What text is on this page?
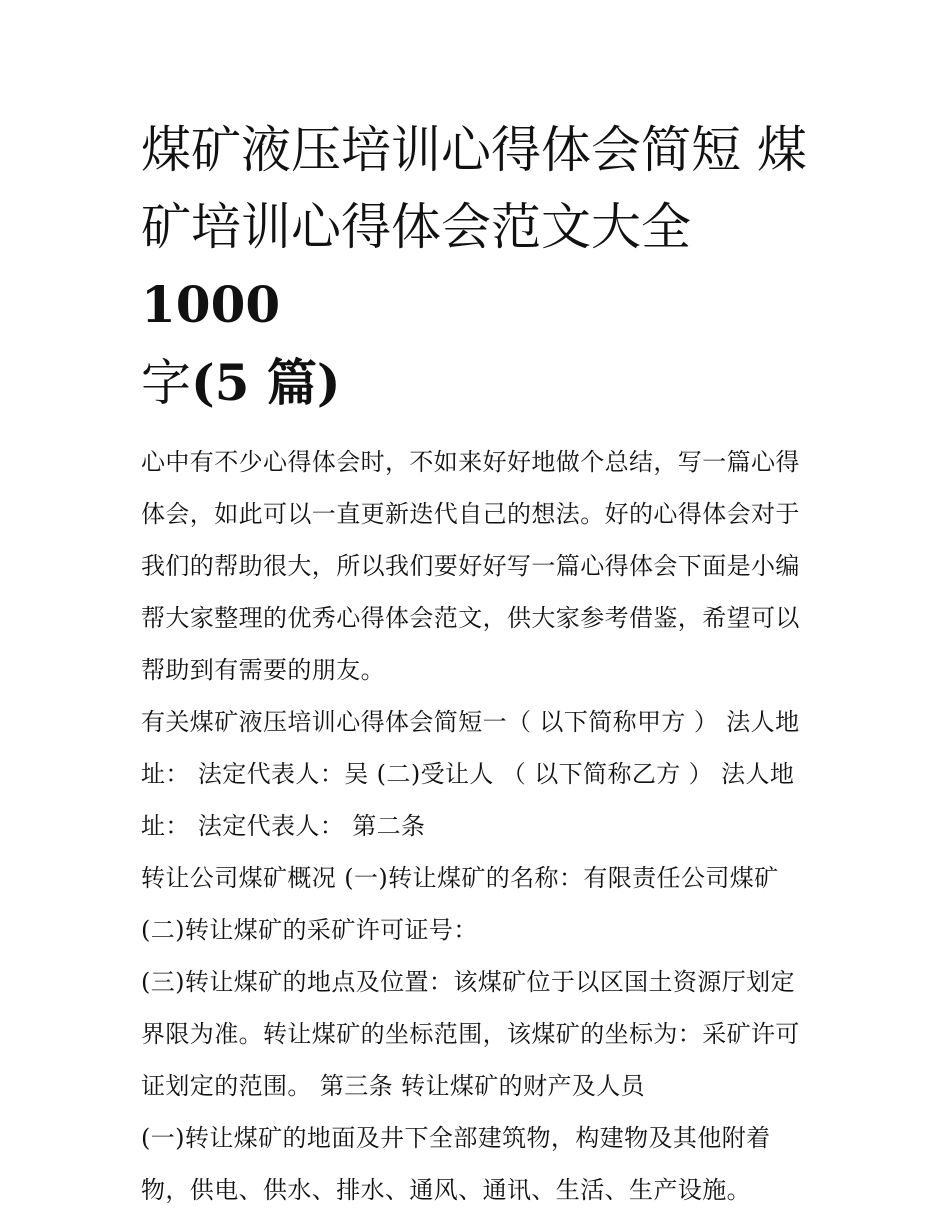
煤矿液压培训心得体会简短 煤矿培训心得体会范文大全1000
字(5 篇)

心中有不少心得体会时，不如来好好地做个总结，写一篇心得体会，如此可以一直更新迭代自己的想法。好的心得体会对于我们的帮助很大，所以我们要好好写一篇心得体会下面是小编帮大家整理的优秀心得体会范文，供大家参考借鉴，希望可以帮助到有需要的朋友。

有关煤矿液压培训心得体会简短一（ 以下简称甲方 ） 法人地址： 法定代表人：吴 (二)受让人 （ 以下简称乙方 ） 法人地址： 法定代表人： 第二条

转让公司煤矿概况 (一)转让煤矿的名称：有限责任公司煤矿

(二)转让煤矿的采矿许可证号：

(三)转让煤矿的地点及位置：该煤矿位于以区国土资源厅划定界限为准。转让煤矿的坐标范围，该煤矿的坐标为：采矿许可证划定的范围。 第三条 转让煤矿的财产及人员

(一)转让煤矿的地面及井下全部建筑物，构建物及其他附着物，供电、供水、排水、通风、通讯、生活、生产设施。
